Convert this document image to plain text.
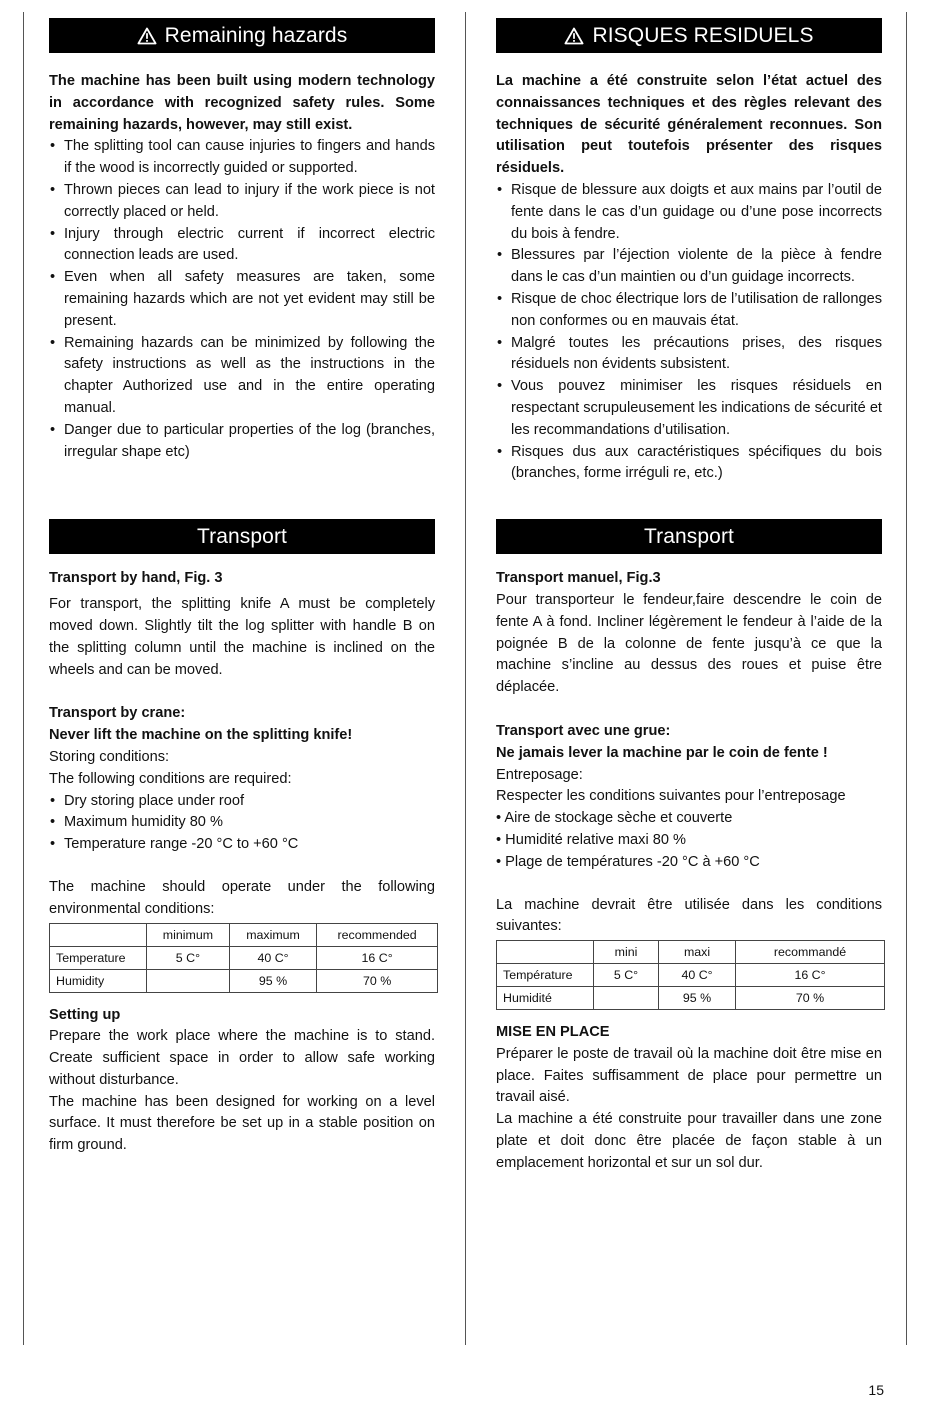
Remaining hazards

The machine has been built using modern technology in accordance with recognized safety rules. Some remaining hazards, however, may still exist.

• The splitting tool can cause injuries to fingers and hands if the wood is incorrectly guided or supported.
• Thrown pieces can lead to injury if the work piece is not correctly placed or held.
• Injury through electric current if incorrect electric connection leads are used.
• Even when all safety measures are taken, some remaining hazards which are not yet evident may still be present.
• Remaining hazards can be minimized by following the safety instructions as well as the instructions in the chapter Authorized use and in the entire operating manual.
• Danger due to particular properties of the log (branches, irregular shape etc)
Transport

Transport by hand, Fig. 3

For transport, the splitting knife A must be completely moved down. Slightly tilt the log splitter with handle B on the splitting column until the machine is inclined on the wheels and can be moved.

Transport by crane:

Never lift the machine on the splitting knife!

Storing conditions:

The following conditions are required:

• Dry storing place under roof
• Maximum humidity 80 %
• Temperature range -20 °C to +60 °C

The machine should operate under the following environmental conditions:

	minimum	maximum	recommended
Temperature	5 C°	40 C°	16 C°
Humidity		95 %	70 %

Setting up

Prepare the work place where the machine is to stand. Create sufficient space in order to allow safe working without disturbance.

The machine has been designed for working on a level surface. It must therefore be set up in a stable position on firm ground.

RISQUES RESIDUELS

La machine a été construite selon l’état actuel des connaissances techniques et des règles relevant des techniques de sécurité généralement reconnues. Son utilisation peut toutefois présenter des risques résiduels.

• Risque de blessure aux doigts et aux mains par l’outil de fente dans le cas d’un guidage ou d’une pose incorrects du bois à fendre.
• Blessures par l’éjection violente de la pièce à fendre dans le cas d’un maintien ou d’un guidage incorrects.
• Risque de choc électrique lors de l’utilisation de rallonges non conformes ou en mauvais état.
• Malgré toutes les précautions prises, des risques résiduels non évidents subsistent.
• Vous pouvez minimiser les risques résiduels en respectant scrupuleusement les indications de sécurité et les recommandations d’utilisation.
• Risques dus aux caractéristiques spécifiques du bois (branches, forme irréguli re, etc.)
Transport

Transport manuel, Fig.3

Pour transporteur le fendeur,faire descendre le coin de fente A à fond. Incliner légèrement le fendeur à l’aide de la poignée B de la colonne de fente jusqu’à ce que la machine s’incline au dessus des roues et puise être déplacée.

Transport avec une grue:

Ne jamais lever la machine par le coin de fente !

Entreposage:

Respecter les conditions suivantes pour l’entreposage

• Aire de stockage sèche et couverte
• Humidité relative maxi 80 %
• Plage de températures -20 °C à +60 °C

La machine devrait être utilisée dans les conditions suivantes:

	mini	maxi	recommandé
Température	5 C°	40 C°	16 C°
Humidité		95 %	70 %

MISE EN PLACE

Préparer le poste de travail où la machine doit être mise en place. Faites suffisamment de place pour permettre un travail aisé.

La machine a été construite pour travailler dans une zone plate et doit donc être placée de façon stable à un emplacement horizontal et sur un sol dur.

15
